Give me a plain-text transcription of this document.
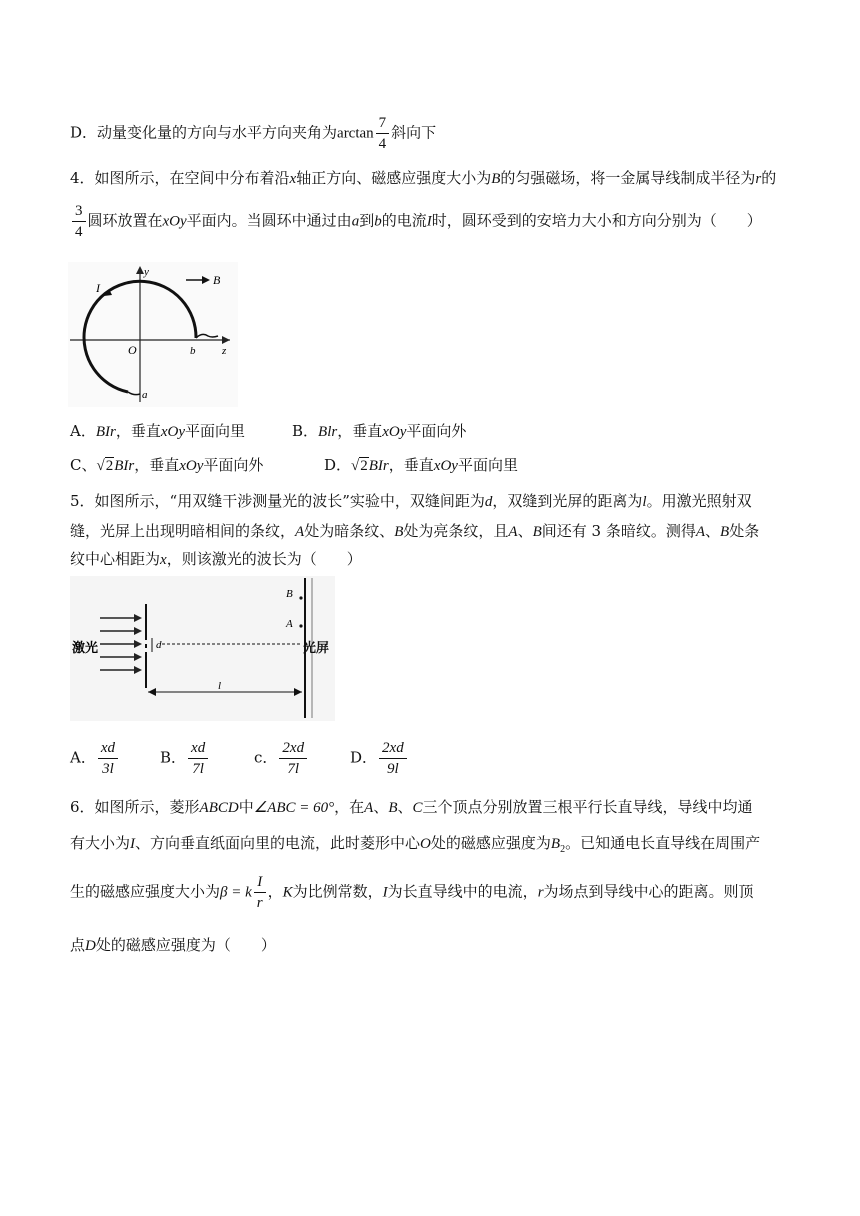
D．动量变化量的方向与水平方向夹角为$\arctan \frac{7}{4}$ 斜向下
4．如图所示，在空间中分布着沿x轴正方向、磁感应强度大小为B的匀强磁场，将一金属导线制成半径为r的
$\frac{3}{4}$ 圆环放置在xOy平面内。当圆环中通过由a到b的电流I时，圆环受到的安培力大小和方向分别为（　　）
y
B
I
O	b z
a
A．BIr，垂直xOy平面向里	B．Blr，垂直xOy平面向外
C、√2BIr，垂直xOy平面向外	D．√2BIr，垂直xOy平面向里
5．如图所示，“用双缝干涉测量光的波长”实验中，双缝间距为d，双缝到光屏的距离为l。用激光照射双
缝，光屏上出现明暗相间的条纹，A处为暗条纹、B处为亮条纹，且A、B间还有 3 条暗纹。测得A、B处条
纹中心相距为x，则该激光的波长为（　　）
激光	光屏
B
A
d
l
A． $\frac{xd}{3l}$	B． $\frac{xd}{7l}$	c． $\frac{2xd}{7l}$	D． $\frac{2xd}{9l}$
6．如图所示，菱形ABCD中∠ABC = 60°，在A、B、C三个顶点分别放置三根平行长直导线，导线中均通
有大小为I、方向垂直纸面向里的电流，此时菱形中心O处的磁感应强度为$B_2$。已知通电长直导线在周围产
生的磁感应强度大小为β = k $\frac{I}{r}$ ，K为比例常数，I为长直导线中的电流，r为场点到导线中心的距离。则顶
点D处的磁感应强度为（　　）
